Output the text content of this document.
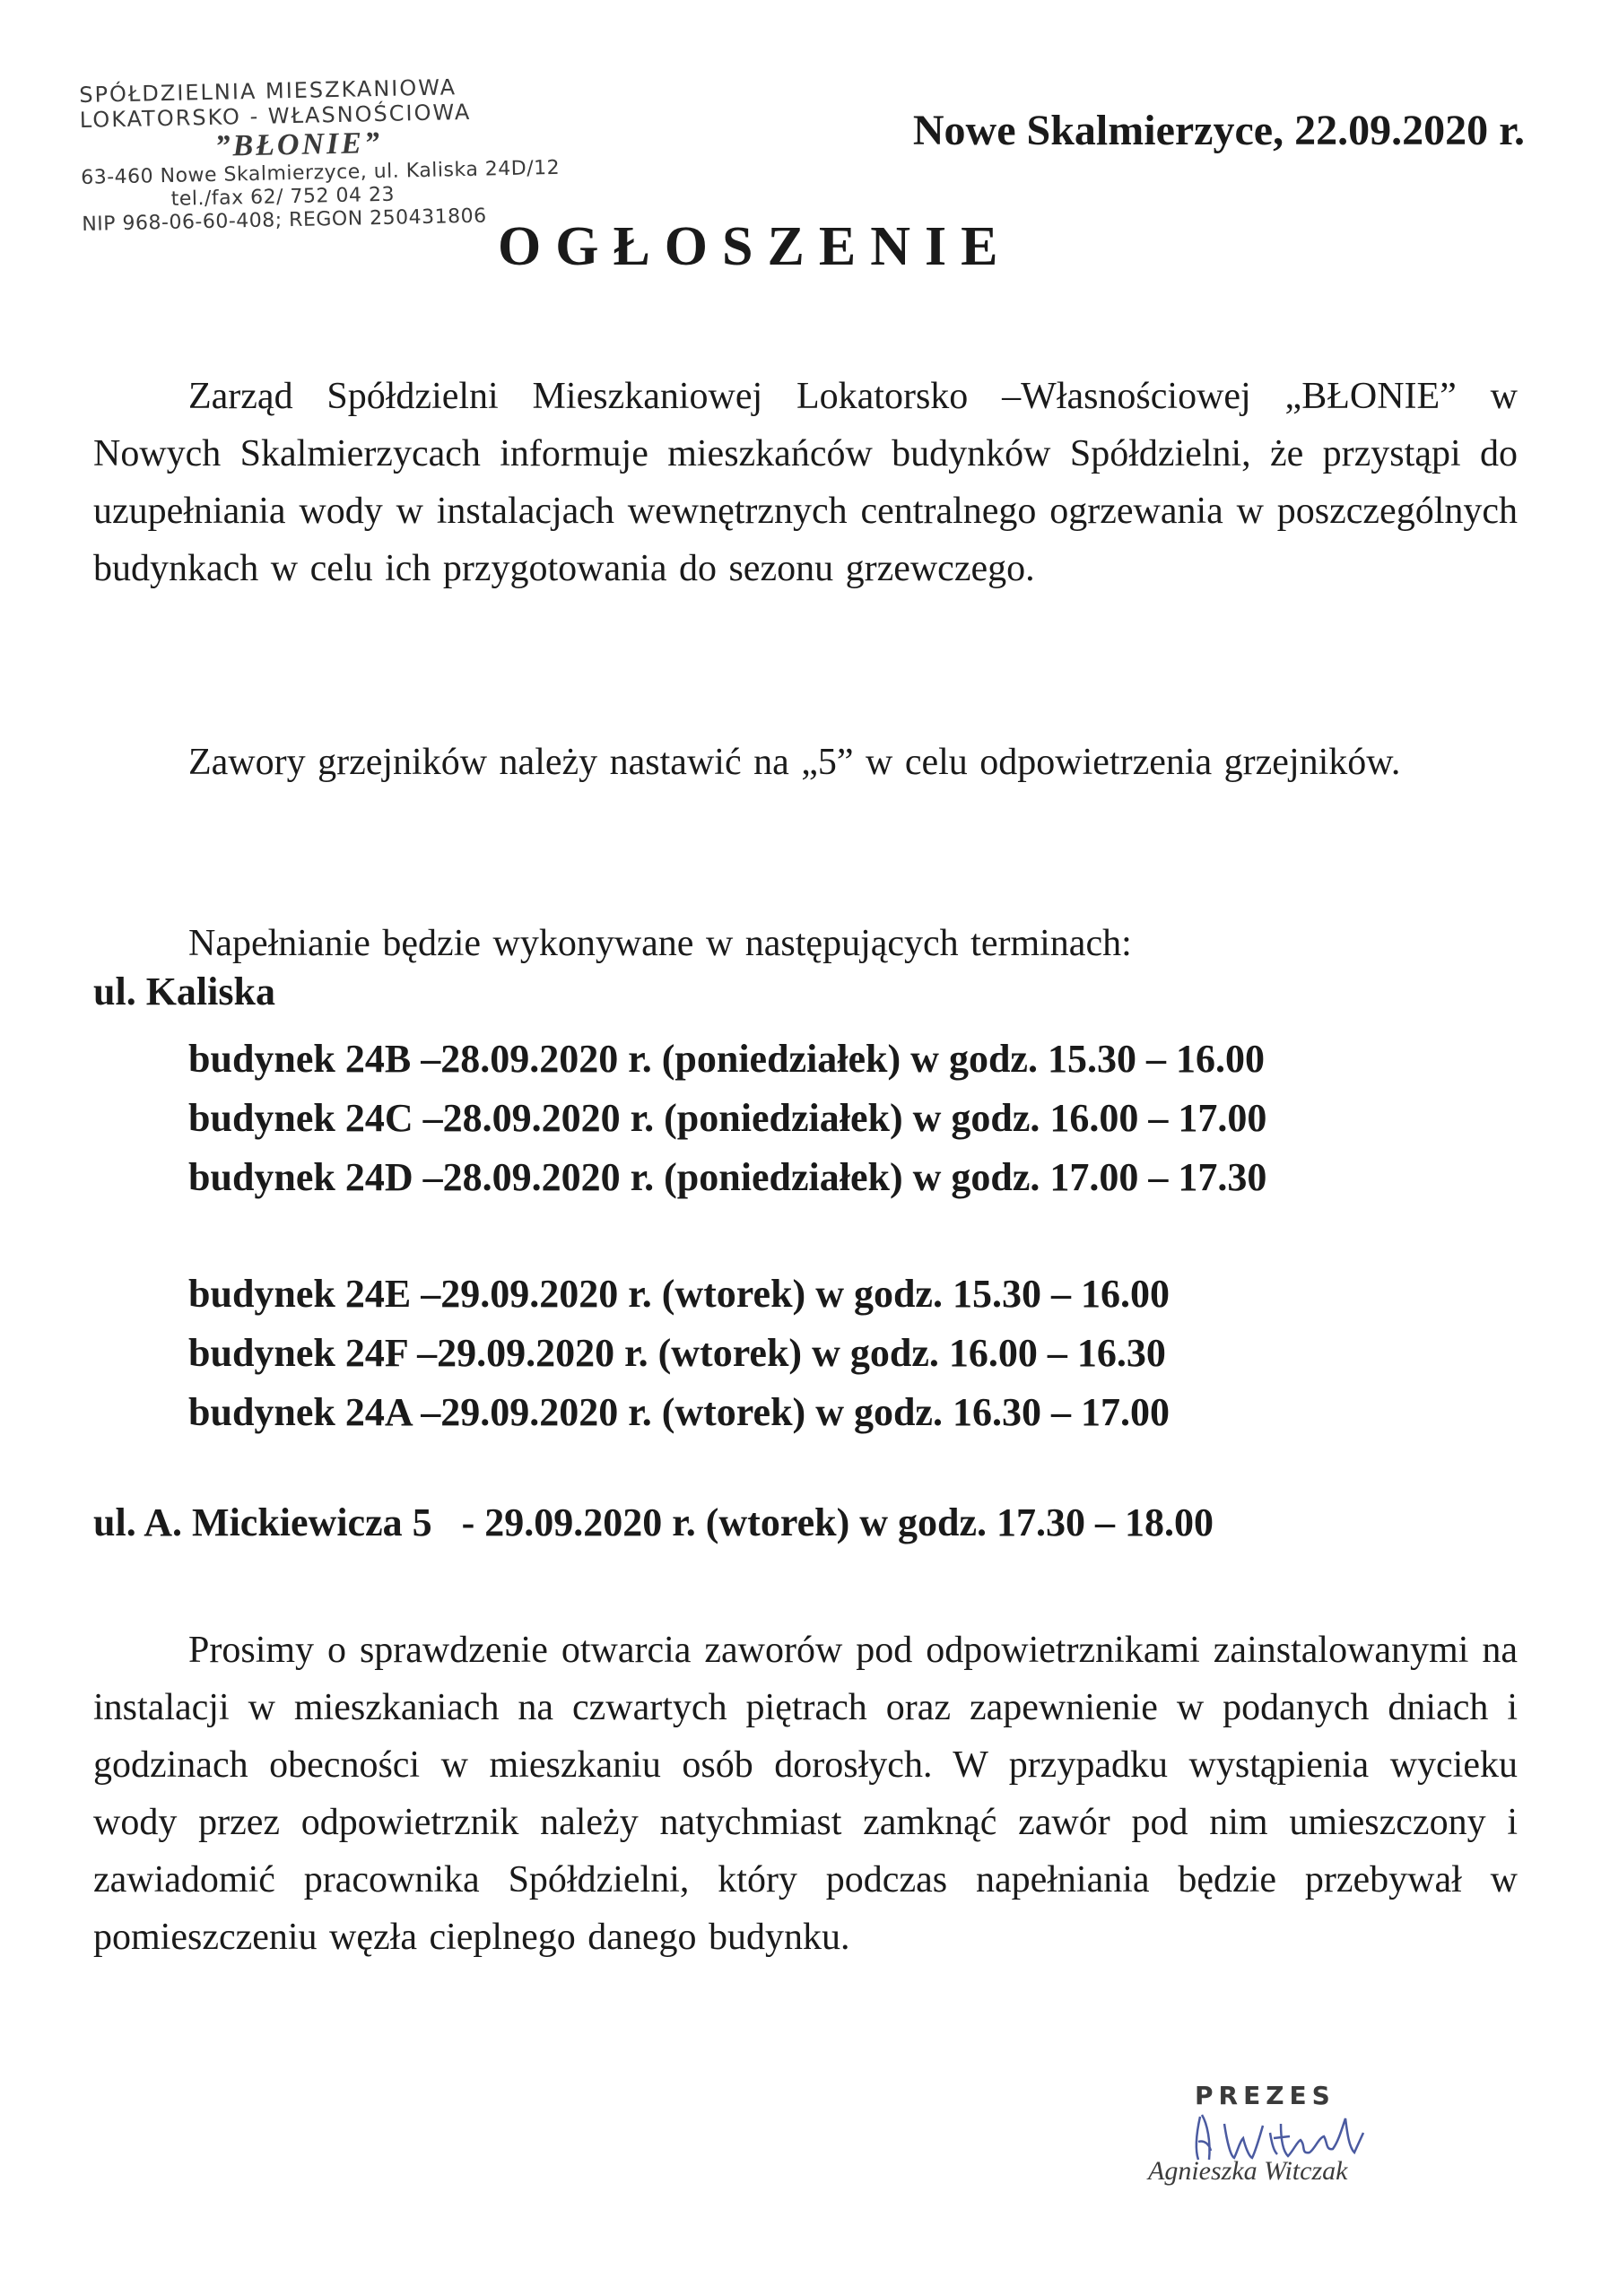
SPÓŁDZIELNIA MIESZKANIOWA
LOKATORSKO - WŁASNOŚCIOWA
”BŁONIE”
63-460 Nowe Skalmierzyce, ul. Kaliska 24D/12
tel./fax 62/ 752 04 23
NIP 968-06-60-408; REGON 250431806
Nowe Skalmierzyce, 22.09.2020 r.
OGŁOSZENIE

Zarząd Spółdzielni Mieszkaniowej Lokatorsko –Własnościowej „BŁONIE” w Nowych Skalmierzycach informuje mieszkańców budynków Spółdzielni, że przystąpi do uzupełniania wody w instalacjach wewnętrznych centralnego ogrzewania w poszczególnych budynkach w celu ich przygotowania do sezonu grzewczego.

Zawory grzejników należy nastawić na „5” w celu odpowietrzenia grzejników.

Napełnianie będzie wykonywane w następujących terminach:

ul. Kaliska
budynek 24B –28.09.2020 r. (poniedziałek) w godz. 15.30 – 16.00
budynek 24C –28.09.2020 r. (poniedziałek) w godz. 16.00 – 17.00
budynek 24D –28.09.2020 r. (poniedziałek) w godz. 17.00 – 17.30
budynek 24E –29.09.2020 r. (wtorek) w godz. 15.30 – 16.00
budynek 24F –29.09.2020 r. (wtorek) w godz. 16.00 – 16.30
budynek 24A –29.09.2020 r. (wtorek) w godz. 16.30 – 17.00
ul. A. Mickiewicza 5   - 29.09.2020 r. (wtorek) w godz. 17.30 – 18.00

Prosimy o sprawdzenie otwarcia zaworów pod odpowietrznikami zainstalowanymi na instalacji w mieszkaniach na czwartych piętrach oraz zapewnienie w podanych dniach i godzinach obecności w mieszkaniu osób dorosłych. W przypadku wystąpienia wycieku wody przez odpowietrznik należy natychmiast zamknąć zawór pod nim umieszczony i zawiadomić pracownika Spółdzielni, który podczas napełniania będzie przebywał w pomieszczeniu węzła cieplnego danego budynku.

PREZES
Agnieszka Witczak
